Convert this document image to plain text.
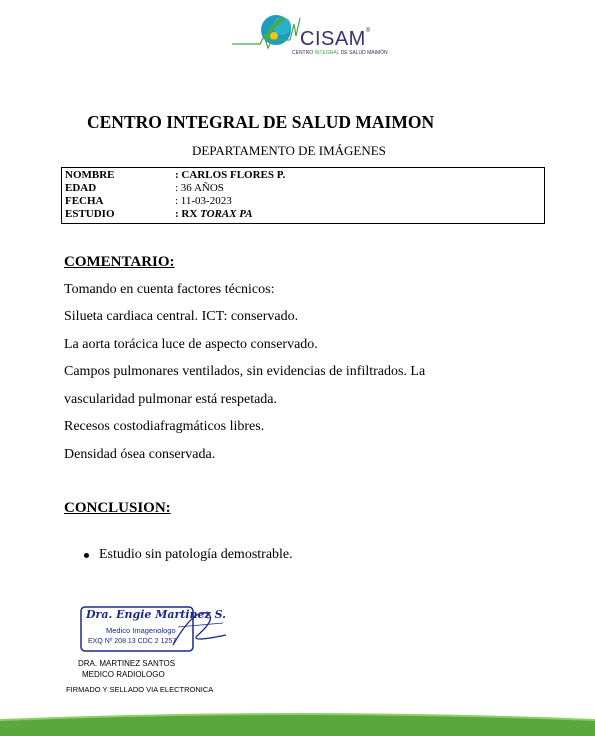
CISAM®
CENTRO INTEGRAL DE SALUD MAIMÓN
CENTRO INTEGRAL DE SALUD MAIMON
DEPARTAMENTO DE IMÁGENES
NOMBRE	: CARLOS FLORES P.
EDAD	: 36 AÑOS
FECHA	: 11-03-2023
ESTUDIO	: RX TORAX PA
COMENTARIO:
Tomando en cuenta factores técnicos:
Silueta cardiaca central. ICT: conservado.
La aorta torácica luce de aspecto conservado.
Campos pulmonares ventilados, sin evidencias de infiltrados. La
vascularidad pulmonar está respetada.
Recesos costodiafragmáticos libres.
Densidad ósea conservada.
CONCLUSION:
Estudio sin patología demostrable.
Dra. Engie Martinez S.
Medico Imagenologo
EXQ Nº 208 13 CDC 2 1257
DRA. MARTINEZ SANTOS
MEDICO RADIOLOGO
FIRMADO Y SELLADO VIA ELECTRONICA
